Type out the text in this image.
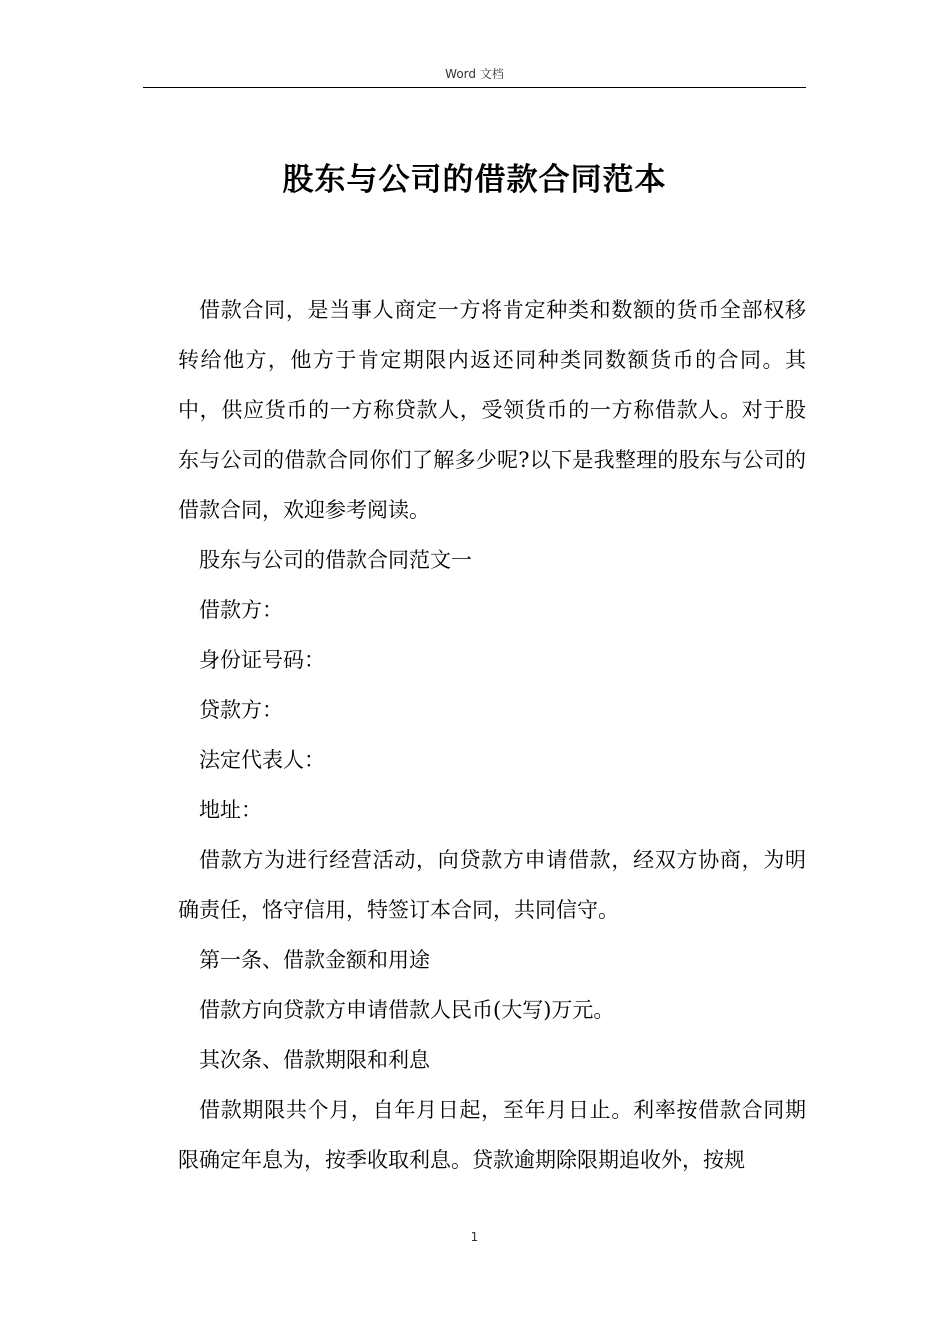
Word 文档
股东与公司的借款合同范本

借款合同，是当事人商定一方将肯定种类和数额的货币全部权移转给他方，他方于肯定期限内返还同种类同数额货币的合同。其中，供应货币的一方称贷款人，受领货币的一方称借款人。对于股东与公司的借款合同你们了解多少呢?以下是我整理的股东与公司的借款合同，欢迎参考阅读。

股东与公司的借款合同范文一

借款方：

身份证号码：

贷款方：

法定代表人：

地址：

借款方为进行经营活动，向贷款方申请借款，经双方协商，为明确责任，恪守信用，特签订本合同，共同信守。

第一条、借款金额和用途

借款方向贷款方申请借款人民币(大写)万元。

其次条、借款期限和利息

借款期限共个月，自年月日起，至年月日止。利率按借款合同期限确定年息为，按季收取利息。贷款逾期除限期追收外，按规

1
